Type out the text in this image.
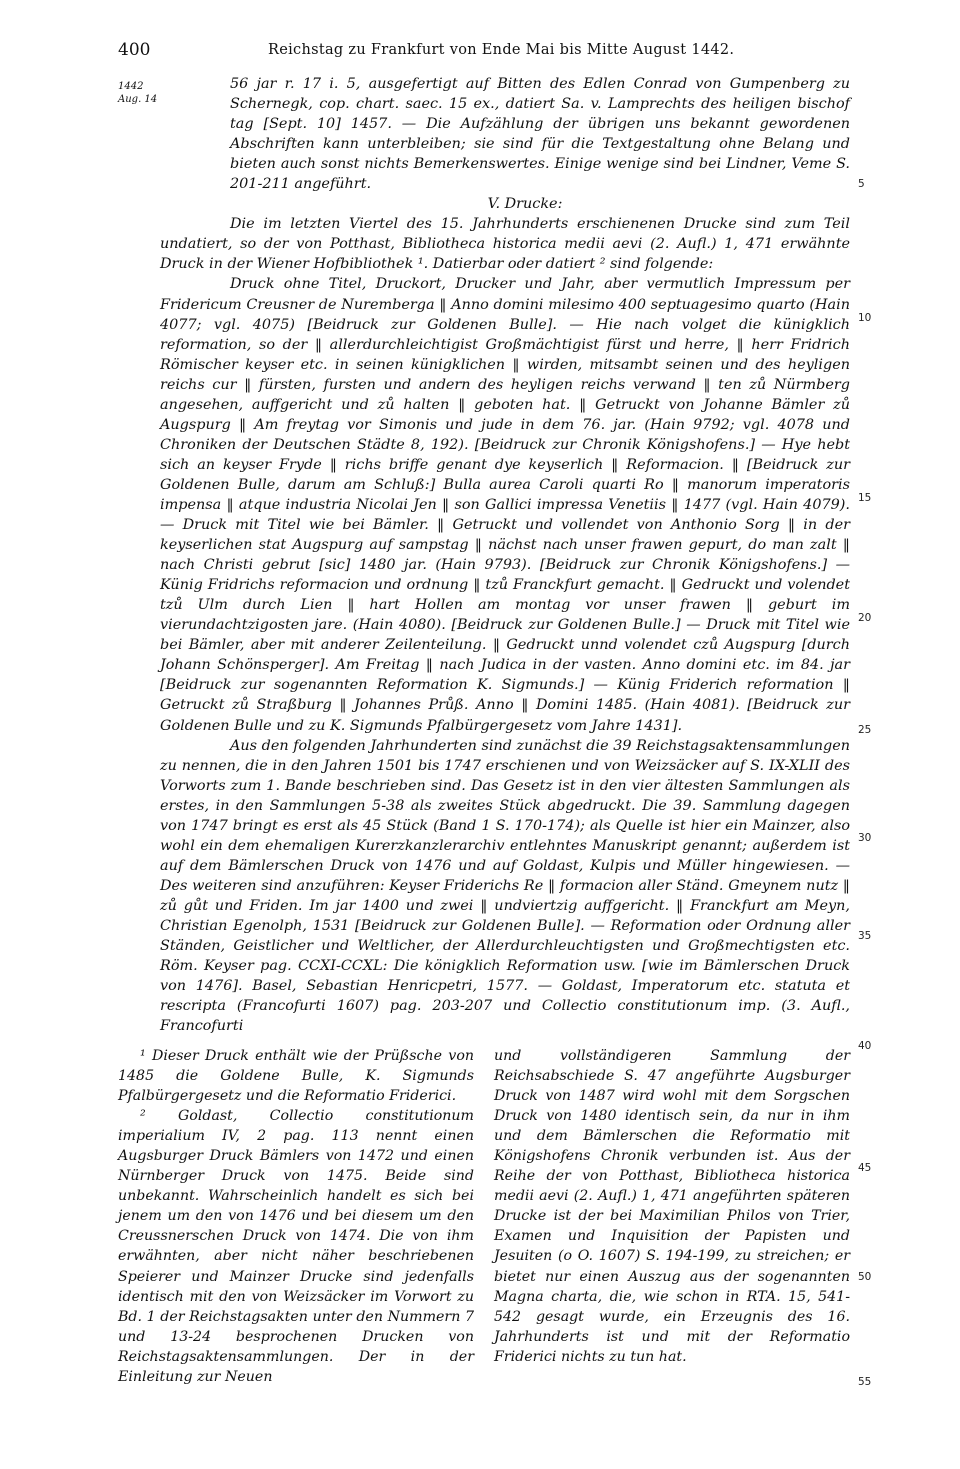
400	Reichstag zu Frankfurt von Ende Mai bis Mitte August 1442.
1442
Aug. 14
5
10
15
20
25
30
35
40
45
50
55

56 jar r. 17 i. 5, ausgefertigt auf Bitten des Edlen Conrad von Gumpenberg zu Schernegk, cop. chart. saec. 15 ex., datiert Sa. v. Lamprechts des heiligen bischof tag [Sept. 10] 1457. — Die Aufzählung der übrigen uns bekannt gewordenen Abschriften kann unterbleiben; sie sind für die Textgestaltung ohne Belang und bieten auch sonst nichts Bemerkenswertes. Einige wenige sind bei Lindner, Veme S. 201-211 angeführt.

V. Drucke:

Die im letzten Viertel des 15. Jahrhunderts erschienenen Drucke sind zum Teil undatiert, so der von Potthast, Bibliotheca historica medii aevi (2. Aufl.) 1, 471 erwähnte Druck in der Wiener Hofbibliothek ¹. Datierbar oder datiert ² sind folgende:

Druck ohne Titel, Druckort, Drucker und Jahr, aber vermutlich Impressum per Fridericum Creusner de Nuremberga ‖ Anno domini milesimo 400 septuagesimo quarto (Hain 4077; vgl. 4075) [Beidruck zur Goldenen Bulle]. — Hie nach volget die künigklich reformation, so der ‖ allerdurchleichtigist Großmächtigist fürst und herre, ‖ herr Fridrich Römischer keyser etc. in seinen künigklichen ‖ wirden, mitsambt seinen und des heyligen reichs cur ‖ fürsten, fursten und andern des heyligen reichs verwand ‖ ten zů Nürmberg angesehen, auffgericht und zů halten ‖ geboten hat. ‖ Getruckt von Johanne Bämler zů Augspurg ‖ Am freytag vor Simonis und jude in dem 76. jar. (Hain 9792; vgl. 4078 und Chroniken der Deutschen Städte 8, 192). [Beidruck zur Chronik Königshofens.] — Hye hebt sich an keyser Fryde ‖ richs briffe genant dye keyserlich ‖ Reformacion. ‖ [Beidruck zur Goldenen Bulle, darum am Schluß:] Bulla aurea Caroli quarti Ro ‖ manorum imperatoris impensa ‖ atque industria Nicolai Jen ‖ son Gallici impressa Venetiis ‖ 1477 (vgl. Hain 4079). — Druck mit Titel wie bei Bämler. ‖ Getruckt und vollendet von Anthonio Sorg ‖ in der keyserlichen stat Augspurg auf sampstag ‖ nächst nach unser frawen gepurt, do man zalt ‖ nach Christi gebrut [sic] 1480 jar. (Hain 9793). [Beidruck zur Chronik Königshofens.] — Künig Fridrichs reformacion und ordnung ‖ tzů Franckfurt gemacht. ‖ Gedruckt und volendet tzů Ulm durch Lien ‖ hart Hollen am montag vor unser frawen ‖ geburt im vierundachtzigosten jare. (Hain 4080). [Beidruck zur Goldenen Bulle.] — Druck mit Titel wie bei Bämler, aber mit anderer Zeilenteilung. ‖ Gedruckt unnd volendet czů Augspurg [durch Johann Schönsperger]. Am Freitag ‖ nach Judica in der vasten. Anno domini etc. im 84. jar [Beidruck zur sogenannten Reformation K. Sigmunds.] — Künig Friderich reformation ‖ Getruckt zů Straßburg ‖ Johannes Průß. Anno ‖ Domini 1485. (Hain 4081). [Beidruck zur Goldenen Bulle und zu K. Sigmunds Pfalbürgergesetz vom Jahre 1431].

Aus den folgenden Jahrhunderten sind zunächst die 39 Reichstagsaktensammlungen zu nennen, die in den Jahren 1501 bis 1747 erschienen und von Weizsäcker auf S. IX-XLII des Vorworts zum 1. Bande beschrieben sind. Das Gesetz ist in den vier ältesten Sammlungen als erstes, in den Sammlungen 5-38 als zweites Stück abgedruckt. Die 39. Sammlung dagegen von 1747 bringt es erst als 45 Stück (Band 1 S. 170-174); als Quelle ist hier ein Mainzer, also wohl ein dem ehemaligen Kurerzkanzlerarchiv entlehntes Manuskript genannt; außerdem ist auf dem Bämlerschen Druck von 1476 und auf Goldast, Kulpis und Müller hingewiesen. — Des weiteren sind anzuführen: Keyser Friderichs Re ‖ formacion aller Ständ. Gmeynem nutz ‖ zů gůt und Friden. Im jar 1400 und zwei ‖ undviertzig auffgericht. ‖ Franckfurt am Meyn, Christian Egenolph, 1531 [Beidruck zur Goldenen Bulle]. — Reformation oder Ordnung aller Ständen, Geistlicher und Weltlicher, der Allerdurchleuchtigsten und Großmechtigsten etc. Röm. Keyser pag. CCXI-CCXL: Die königklich Reformation usw. [wie im Bämlerschen Druck von 1476]. Basel, Sebastian Henricpetri, 1577. — Goldast, Imperatorum etc. statuta et rescripta (Francofurti 1607) pag. 203-207 und Collectio constitutionum imp. (3. Aufl., Francofurti

¹ Dieser Druck enthält wie der Prüßsche von 1485 die Goldene Bulle, K. Sigmunds Pfalbürgergesetz und die Reformatio Friderici.

² Goldast, Collectio constitutionum imperialium IV, 2 pag. 113 nennt einen Augsburger Druck Bämlers von 1472 und einen Nürnberger Druck von 1475. Beide sind unbekannt. Wahrscheinlich handelt es sich bei jenem um den von 1476 und bei diesem um den Creussnerschen Druck von 1474. Die von ihm erwähnten, aber nicht näher beschriebenen Speierer und Mainzer Drucke sind jedenfalls identisch mit den von Weizsäcker im Vorwort zu Bd. 1 der Reichstagsakten unter den Nummern 7 und 13-24 besprochenen Drucken von Reichstagsaktensammlungen. Der in der Einleitung zur Neuen

und vollständigeren Sammlung der Reichsabschiede S. 47 angeführte Augsburger Druck von 1487 wird wohl mit dem Sorgschen Druck von 1480 identisch sein, da nur in ihm und dem Bämlerschen die Reformatio mit Königshofens Chronik verbunden ist. Aus der Reihe der von Potthast, Bibliotheca historica medii aevi (2. Aufl.) 1, 471 angeführten späteren Drucke ist der bei Maximilian Philos von Trier, Examen und Inquisition der Papisten und Jesuiten (o O. 1607) S. 194-199, zu streichen; er bietet nur einen Auszug aus der sogenannten Magna charta, die, wie schon in RTA. 15, 541-542 gesagt wurde, ein Erzeugnis des 16. Jahrhunderts ist und mit der Reformatio Friderici nichts zu tun hat.
